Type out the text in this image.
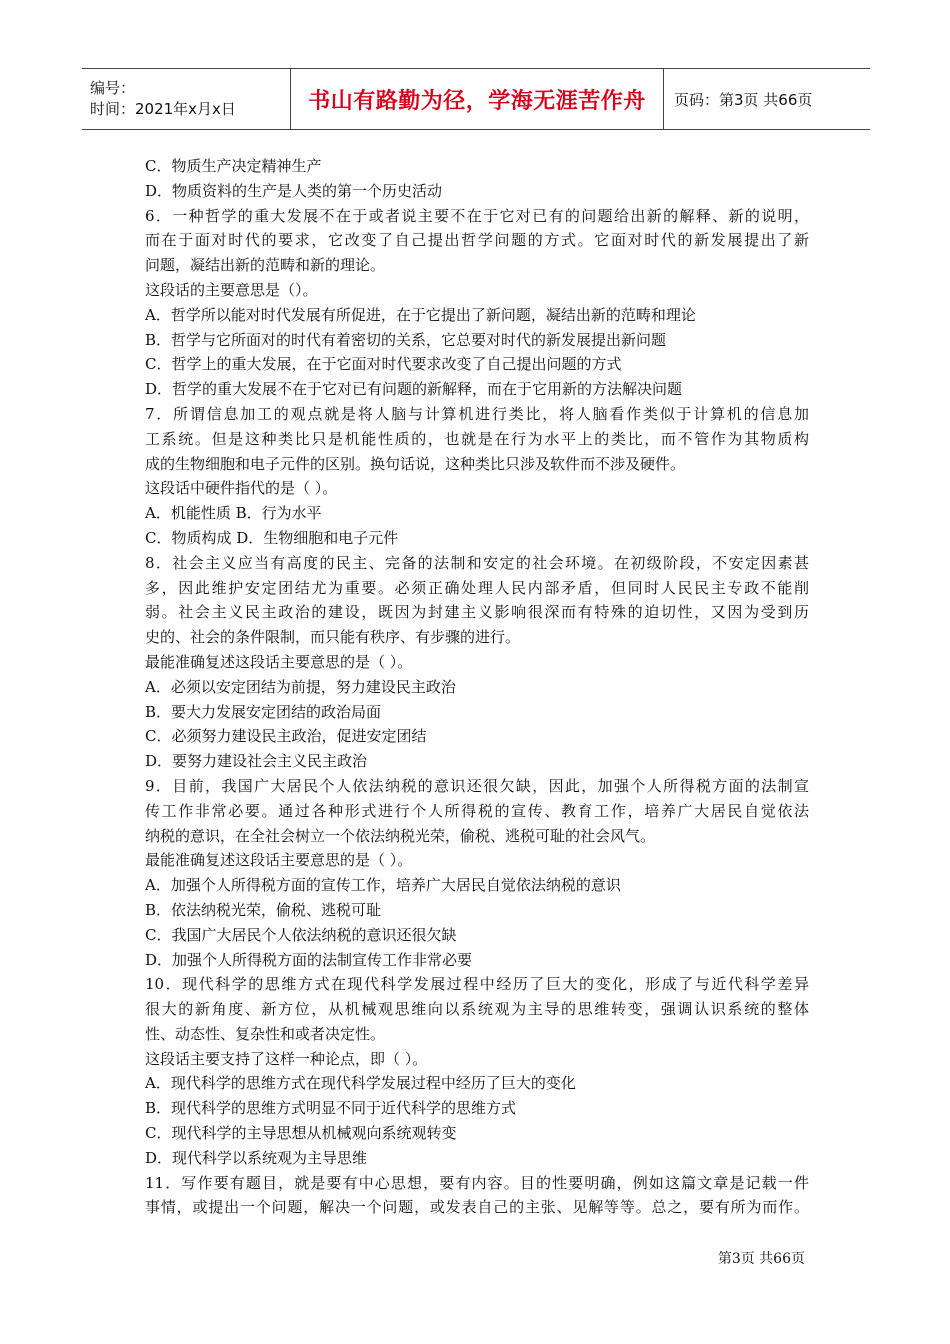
编号：
时间：2021年x月x日	书山有路勤为径，学海无涯苦作舟 页码：第3页 共66页
C．物质生产决定精神生产
D．物质资料的生产是人类的第一个历史活动
6．一种哲学的重大发展不在于或者说主要不在于它对已有的问题给出新的解释、新的说明，
而在于面对时代的要求，它改变了自己提出哲学问题的方式。它面对时代的新发展提出了新
问题，凝结出新的范畴和新的理论。
这段话的主要意思是（）。
A．哲学所以能对时代发展有所促进，在于它提出了新问题，凝结出新的范畴和理论
B．哲学与它所面对的时代有着密切的关系，它总要对时代的新发展提出新问题
C．哲学上的重大发展，在于它面对时代要求改变了自己提出问题的方式
D．哲学的重大发展不在于它对已有问题的新解释，而在于它用新的方法解决问题
7．所谓信息加工的观点就是将人脑与计算机进行类比，将人脑看作类似于计算机的信息加
工系统。但是这种类比只是机能性质的，也就是在行为水平上的类比，而不管作为其物质构
成的生物细胞和电子元件的区别。换句话说，这种类比只涉及软件而不涉及硬件。
这段话中硬件指代的是（ ）。
A．机能性质 B．行为水平
C．物质构成 D．生物细胞和电子元件
8．社会主义应当有高度的民主、完备的法制和安定的社会环境。在初级阶段，不安定因素甚
多，因此维护安定团结尤为重要。必须正确处理人民内部矛盾，但同时人民民主专政不能削
弱。社会主义民主政治的建设，既因为封建主义影响很深而有特殊的迫切性，又因为受到历
史的、社会的条件限制，而只能有秩序、有步骤的进行。
最能准确复述这段话主要意思的是（ ）。
A．必须以安定团结为前提，努力建设民主政治
B．要大力发展安定团结的政治局面
C．必须努力建设民主政治，促进安定团结
D．要努力建设社会主义民主政治
9．目前，我国广大居民个人依法纳税的意识还很欠缺，因此，加强个人所得税方面的法制宣
传工作非常必要。通过各种形式进行个人所得税的宣传、教育工作，培养广大居民自觉依法
纳税的意识，在全社会树立一个依法纳税光荣，偷税、逃税可耻的社会风气。
最能准确复述这段话主要意思的是（ ）。
A．加强个人所得税方面的宣传工作，培养广大居民自觉依法纳税的意识
B．依法纳税光荣，偷税、逃税可耻
C．我国广大居民个人依法纳税的意识还很欠缺
D．加强个人所得税方面的法制宣传工作非常必要
10．现代科学的思维方式在现代科学发展过程中经历了巨大的变化，形成了与近代科学差异
很大的新角度、新方位，从机械观思维向以系统观为主导的思维转变，强调认识系统的整体
性、动态性、复杂性和或者决定性。
这段话主要支持了这样一种论点，即（ ）。
A．现代科学的思维方式在现代科学发展过程中经历了巨大的变化
B．现代科学的思维方式明显不同于近代科学的思维方式
C．现代科学的主导思想从机械观向系统观转变
D．现代科学以系统观为主导思维
11．写作要有题目，就是要有中心思想，要有内容。目的性要明确，例如这篇文章是记载一件
事情，或提出一个问题，解决一个问题，或发表自己的主张、见解等等。总之，要有所为而作。
第3页 共66页
